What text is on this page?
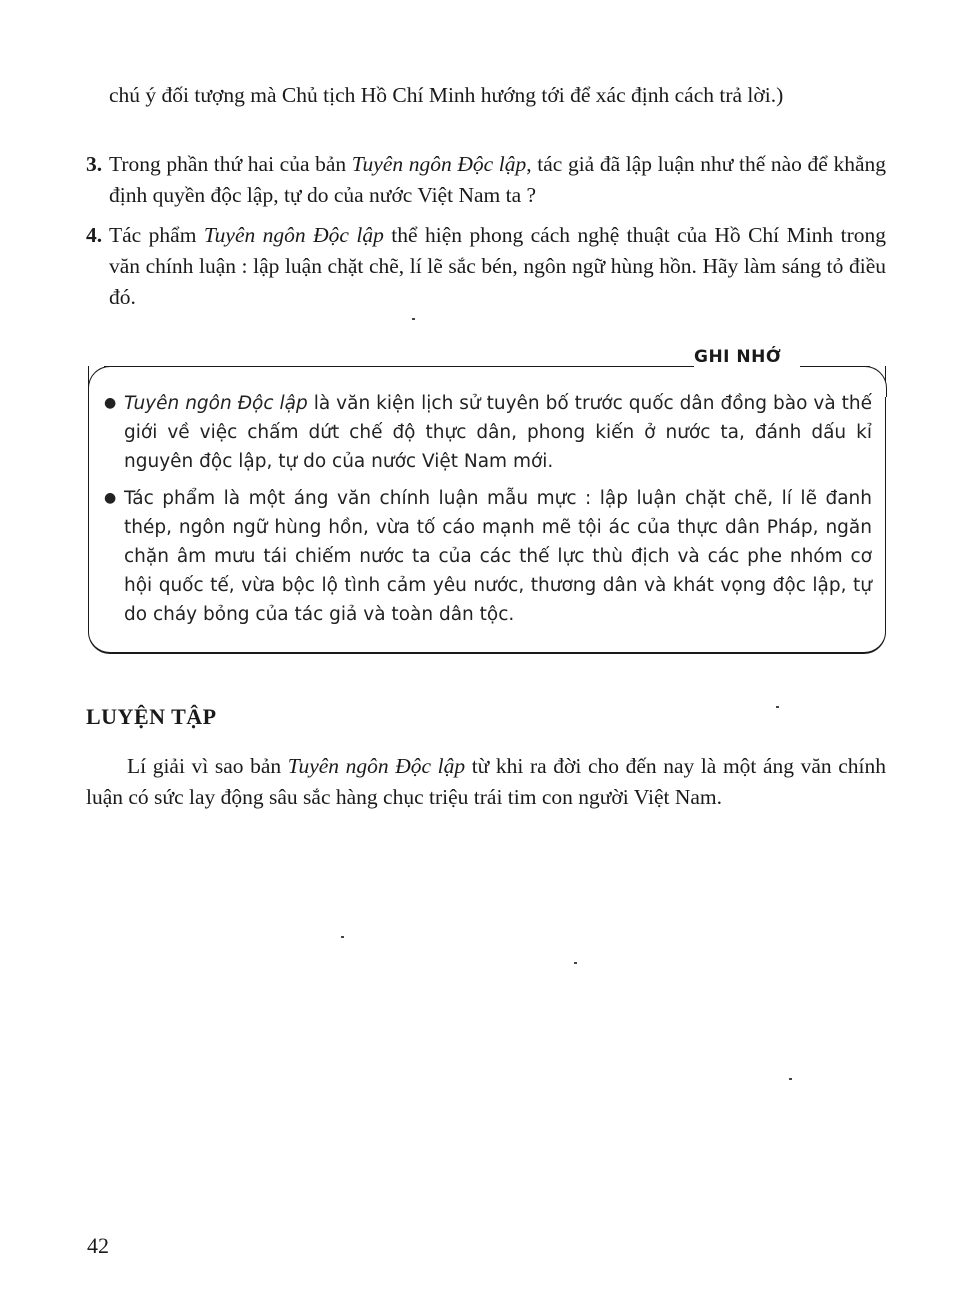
chú ý đối tượng mà Chủ tịch Hồ Chí Minh hướng tới để xác định cách trả lời.)

3. Trong phần thứ hai của bản Tuyên ngôn Độc lập, tác giả đã lập luận như thế nào để khẳng định quyền độc lập, tự do của nước Việt Nam ta ?
4. Tác phẩm Tuyên ngôn Độc lập thể hiện phong cách nghệ thuật của Hồ Chí Minh trong văn chính luận : lập luận chặt chẽ, lí lẽ sắc bén, ngôn ngữ hùng hồn. Hãy làm sáng tỏ điều đó.
GHI NHỚ
● Tuyên ngôn Độc lập là văn kiện lịch sử tuyên bố trước quốc dân đồng bào và thế giới về việc chấm dứt chế độ thực dân, phong kiến ở nước ta, đánh dấu kỉ nguyên độc lập, tự do của nước Việt Nam mới.
● Tác phẩm là một áng văn chính luận mẫu mực : lập luận chặt chẽ, lí lẽ đanh thép, ngôn ngữ hùng hồn, vừa tố cáo mạnh mẽ tội ác của thực dân Pháp, ngăn chặn âm mưu tái chiếm nước ta của các thế lực thù địch và các phe nhóm cơ hội quốc tế, vừa bộc lộ tình cảm yêu nước, thương dân và khát vọng độc lập, tự do cháy bỏng của tác giả và toàn dân tộc.
LUYỆN TẬP

Lí giải vì sao bản Tuyên ngôn Độc lập từ khi ra đời cho đến nay là một áng văn chính luận có sức lay động sâu sắc hàng chục triệu trái tim con người Việt Nam.

42
